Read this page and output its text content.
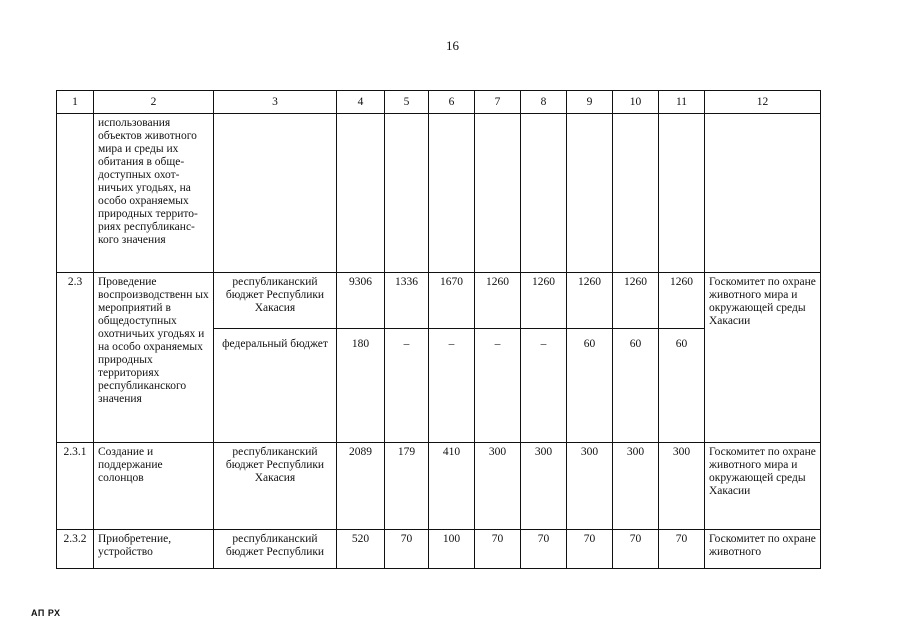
16
1	2	3	4	5	6	7	8	9	10	11	12
	использования объектов животного мира и среды их обитания в обще-доступных охот-ничьих угодьях, на особо охраняемых природных террито-риях республиканс-кого значения										
2.3	Проведение воспроизводственн ых мероприятий в общедоступных охотничьих угодьях и на особо охраняемых природных территориях республиканского значения	республиканский бюджет Республики Хакасия	9306	1336	1670	1260	1260	1260	1260	1260	Госкомитет по охране животного мира и окружающей среды Хакасии
		федеральный бюджет	180	–	–	–	–	60	60	60	
2.3.1	Создание и поддержание солонцов	республиканский бюджет Республики Хакасия	2089	179	410	300	300	300	300	300	Госкомитет по охране животного мира и окружающей среды Хакасии
2.3.2	Приобретение, устройство	республиканский бюджет Республики	520	70	100	70	70	70	70	70	Госкомитет по охране животного
АП РХ
